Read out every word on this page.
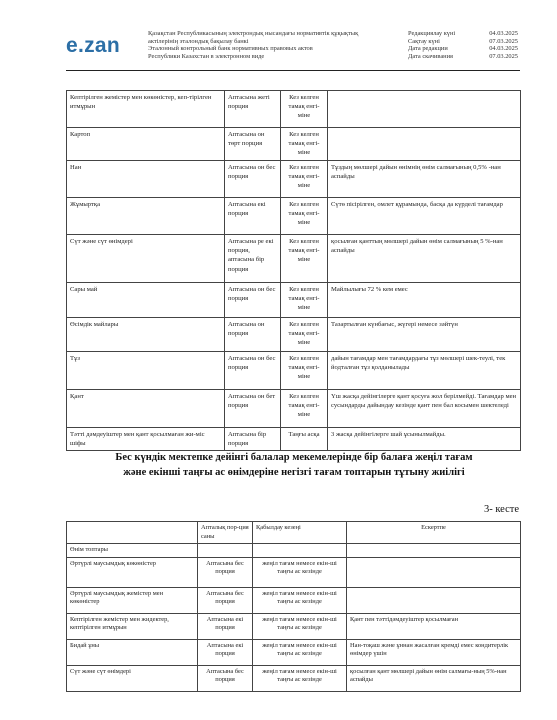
e.zan
Қазақстан Республикасының электрондық нысандағы нормативтік құқықтық
актілерінің эталондық бақылау банкі
Эталонный контрольный банк нормативных правовых актов
Республики Казахстан в электронном виде
Редакциялау күні	04.03.2025
Сақтау күні	07.03.2025
Дата редакции	04.03.2025
Дата скачивания	07.03.2025
Кептірілген жемістер мен көкөністер, кеп-тірілген итмұрын	Аптасына жеті порция	Кез келген тамақ енгі-міне	
Картоп	Аптасына он төрт порция	Кез келген тамақ енгі-міне	
Нан	Аптасына он бес порция	Кез келген тамақ енгі-міне	Тұздың мөлшері дайын өнімнің өнім салмағының 0,5% -нан аспайды
Жұмыртқа	Аптасына екі порция	Кез келген тамақ енгі-міне	Сүтө пісірілген, омлет құрамында, басқа да күрделі тағамдар
Сүт және сүт өнімдері	Аптасына ре екі порция, аптасына бір порция	Кез келген тамақ енгі-міне	қосылған қанттың мөлшері дайын өнім салмағының 5 %-нан аспайды
Сары май	Аптасына он бес порция	Кез келген тамақ енгі-міне	Майлылығы 72 % кем емес
Өсімдік майлары	Аптасына он порция	Кез келген тамақ енгі-міне	Тазартылған күнбағыс, жүгері немесе зәйтүн
Тұз	Аптасына он бес порция	Кез келген тамақ енгі-міне	дайын тағамдар мен тағамдардағы тұз мөлшері шек-теулі, тек йодталған тұз қолданылады
Қант	Аптасына он бет порция	Кез келген тамақ енгі-міне	Үш жасқа дейінгілерге қант қосуға жол берілмейді. Тағамдар мен сусындарды дайындау кезінде қант пен бал косымен шектеледі
Тәтті дәмдеуіштер мен қант қосылмаған жи-міс шіфы	Аптасына бір порция	Таңғы асқа	3 жасқа дейінгілерге шай ұсынылмайды.
Бес күндік мектепке дейінгі балалар мекемелерінде бір балаға жеңіл тағам
және екінші таңғы ас өнімдеріне негізгі тағам топтарын тұтыну жиілігі
3- кесте
	Апталық пор-ция саны	Қабылдау кезеңі	Ескертпе
Өнім топтары			
Әртүрлі маусымдық көкөністер	Аптасына бес порция	жеңіл тағам немесе екін-ші таңғы ас кезінде	
Әртүрлі маусымдық жемістер мен көкөністер	Аптасына бес порция	жеңіл тағам немесе екін-ші таңғы ас кезінде	
Кептірілген жемістер мен жидектер, кептірілген итмұрын	Аптасына екі порция	жеңіл тағам немесе екін-ші таңғы ас кезінде	Қант пен тәттідәмдеуіштер қосылмаған
Бидай ұны	Аптасына екі порция	жеңіл тағам немесе екін-ші таңғы ас кезінде	Нан-тоқаш және ұннан жасалған кремді емес кондитерлік өнімдер үшін
Сүт және сүт өнімдері	Аптасына бес порция	жеңіл тағам немесе екін-ші таңғы ас кезінде	қосылған қант мөлшері дайын өнім салмағы-ның 5%-нан аспайды
